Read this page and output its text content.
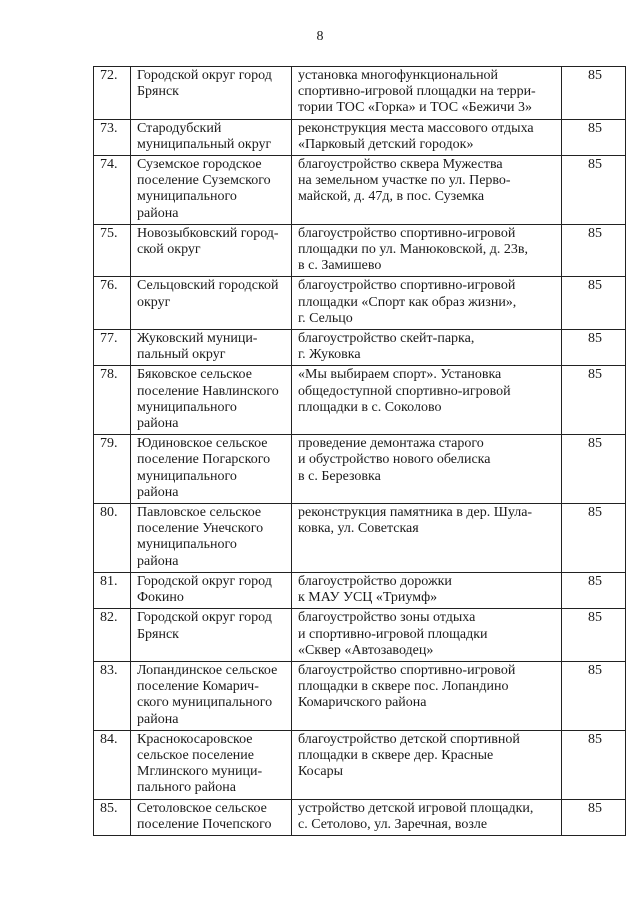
8
72.	Городской округ город
Брянск	установка многофункциональной
спортивно-игровой площадки на терри-
тории ТОС «Горка» и ТОС «Бежичи 3»	85
73.	Стародубский
муниципальный округ	реконструкция места массового отдыха
«Парковый детский городок»	85
74.	Суземское городское
поселение Суземского
муниципального
района	благоустройство сквера Мужества
на земельном участке по ул. Перво-
майской, д. 47д, в пос. Суземка	85
75.	Новозыбковский город-
ской округ	благоустройство спортивно-игровой
площадки по ул. Манюковской, д. 23в,
в с. Замишево	85
76.	Сельцовский городской
округ	благоустройство спортивно-игровой
площадки «Спорт как образ жизни»,
г. Сельцо	85
77.	Жуковский муници-
пальный округ	благоустройство скейт-парка,
г. Жуковка	85
78.	Бяковское сельское
поселение Навлинского
муниципального
района	«Мы выбираем спорт». Установка
общедоступной спортивно-игровой
площадки в с. Соколово	85
79.	Юдиновское сельское
поселение Погарского
муниципального
района	проведение демонтажа старого
и обустройство нового обелиска
в с. Березовка	85
80.	Павловское сельское
поселение Унечского
муниципального
района	реконструкция памятника в дер. Шула-
ковка, ул. Советская	85
81.	Городской округ город
Фокино	благоустройство дорожки
к МАУ УСЦ «Триумф»	85
82.	Городской округ город
Брянск	благоустройство зоны отдыха
и спортивно-игровой площадки
«Сквер «Автозаводец»	85
83.	Лопандинское сельское
поселение Комарич-
ского муниципального
района	благоустройство спортивно-игровой
площадки в сквере пос. Лопандино
Комаричского района	85
84.	Краснокосаровское
сельское поселение
Мглинского муници-
пального района	благоустройство детской спортивной
площадки в сквере дер. Красные
Косары	85
85.	Сетоловское сельское
поселение Почепского	устройство детской игровой площадки,
с. Сетолово, ул. Заречная, возле	85
